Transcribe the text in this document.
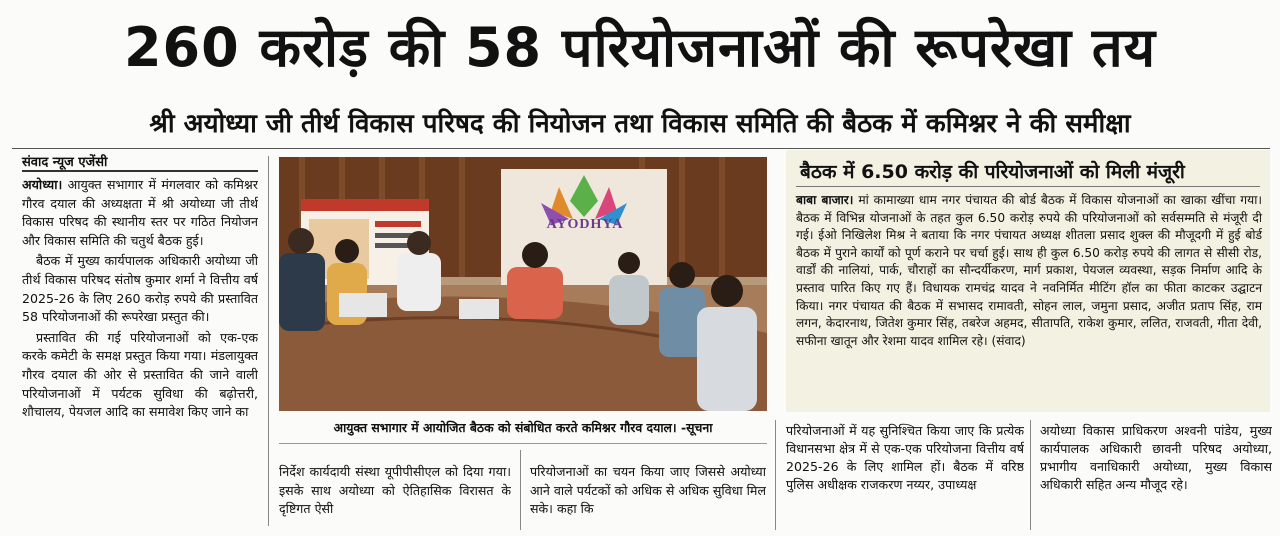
260 करोड़ की 58 परियोजनाओं की रूपरेखा तय
श्री अयोध्या जी तीर्थ विकास परिषद की नियोजन तथा विकास समिति की बैठक में कमिश्नर ने की समीक्षा
संवाद न्यूज एजेंसी

अयोध्या। आयुक्त सभागार में मंगलवार को कमिश्नर गौरव दयाल की अध्यक्षता में श्री अयोध्या जी तीर्थ विकास परिषद की स्थानीय स्तर पर गठित नियोजन और विकास समिति की चतुर्थ बैठक हुई।

बैठक में मुख्य कार्यपालक अधिकारी अयोध्या जी तीर्थ विकास परिषद संतोष कुमार शर्मा ने वित्तीय वर्ष 2025-26 के लिए 260 करोड़ रुपये की प्रस्तावित 58 परियोजनाओं की रूपरेखा प्रस्तुत की।

प्रस्तावित की गई परियोजनाओं को एक-एक करके कमेटी के समक्ष प्रस्तुत किया गया। मंडलायुक्त गौरव दयाल की ओर से प्रस्तावित की जाने वाली परियोजनाओं में पर्यटक सुविधा की बढ़ोत्तरी, शौचालय, पेयजल आदि का समावेश किए जाने का

AYODHYA
आयुक्त सभागार में आयोजित बैठक को संबोधित करते कमिश्नर गौरव दयाल। -सूचना

निर्देश कार्यदायी संस्था यूपीपीसीएल को दिया गया। इसके साथ अयोध्या को ऐतिहासिक विरासत के दृष्टिगत ऐसी

परियोजनाओं का चयन किया जाए जिससे अयोध्या आने वाले पर्यटकों को अधिक से अधिक सुविधा मिल सके। कहा कि

बैठक में 6.50 करोड़ की परियोजनाओं को मिली मंजूरी
बाबा बाजार। मां कामाख्या धाम नगर पंचायत की बोर्ड बैठक में विकास योजनाओं का खाका खींचा गया। बैठक में विभिन्न योजनाओं के तहत कुल 6.50 करोड़ रुपये की परियोजनाओं को सर्वसम्मति से मंजूरी दी गई। ईओ निखिलेश मिश्र ने बताया कि नगर पंचायत अध्यक्ष शीतला प्रसाद शुक्ल की मौजूदगी में हुई बोर्ड बैठक में पुराने कार्यों को पूर्ण कराने पर चर्चा हुई। साथ ही कुल 6.50 करोड़ रुपये की लागत से सीसी रोड, वार्डों की नालियां, पार्क, चौराहों का सौन्दर्यीकरण, मार्ग प्रकाश, पेयजल व्यवस्था, सड़क निर्माण आदि के प्रस्ताव पारित किए गए हैं। विधायक रामचंद्र यादव ने नवनिर्मित मीटिंग हॉल का फीता काटकर उद्घाटन किया। नगर पंचायत की बैठक में सभासद रामावती, सोहन लाल, जमुना प्रसाद, अजीत प्रताप सिंह, राम लगन, केदारनाथ, जितेश कुमार सिंह, तबरेज अहमद, सीतापति, राकेश कुमार, ललित, राजवती, गीता देवी, सफीना खातून और रेशमा यादव शामिल रहे। (संवाद)

परियोजनाओं में यह सुनिश्चित किया जाए कि प्रत्येक विधानसभा क्षेत्र में से एक-एक परियोजना वित्तीय वर्ष 2025-26 के लिए शामिल हों। बैठक में वरिष्ठ पुलिस अधीक्षक राजकरण नय्यर, उपाध्यक्ष

अयोध्या विकास प्राधिकरण अश्वनी पांडेय, मुख्य कार्यपालक अधिकारी छावनी परिषद अयोध्या, प्रभागीय वनाधिकारी अयोध्या, मुख्य विकास अधिकारी सहित अन्य मौजूद रहे।
